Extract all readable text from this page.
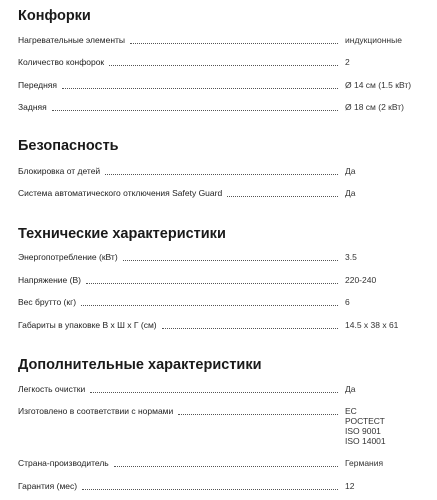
Конфорки
Нагревательные элементы	индукционные
Количество конфорок	2
Передняя	Ø 14 см (1.5 кВт)
Задняя	Ø 18 см (2 кВт)
Безопасность
Блокировка от детей	Да
Система автоматического отключения Safety Guard	Да
Технические характеристики
Энергопотребление (кВт)	3.5
Напряжение (В)	220-240
Вес брутто (кг)	6
Габариты в упаковке В х Ш х Г (см)	14.5 x 38 x 61
Дополнительные характеристики
Легкость очистки	Да
Изготовлено в соответствии с нормами	ЕС
РОСТЕСТ
ISO 9001
ISO 14001
Страна-производитель	Германия
Гарантия (мес)	12
